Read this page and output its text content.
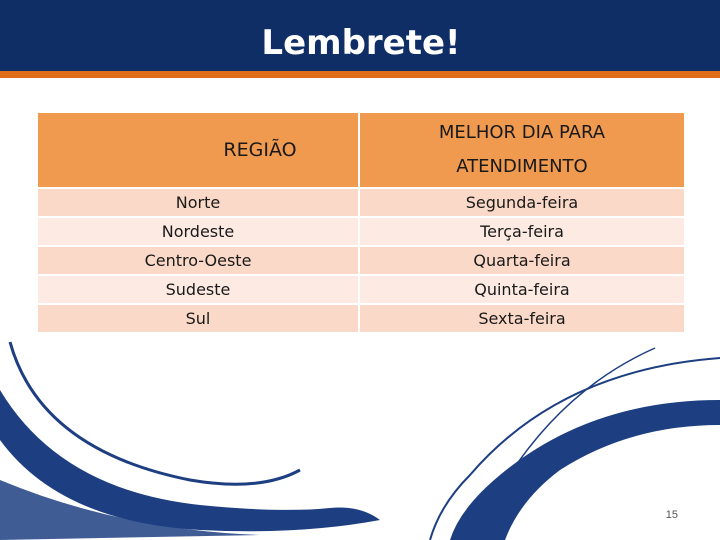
Lembrete!
REGIÃO	MELHOR DIA PARA
ATENDIMENTO
Norte	Segunda-feira
Nordeste	Terça-feira
Centro-Oeste	Quarta-feira
Sudeste	Quinta-feira
Sul	Sexta-feira
15
